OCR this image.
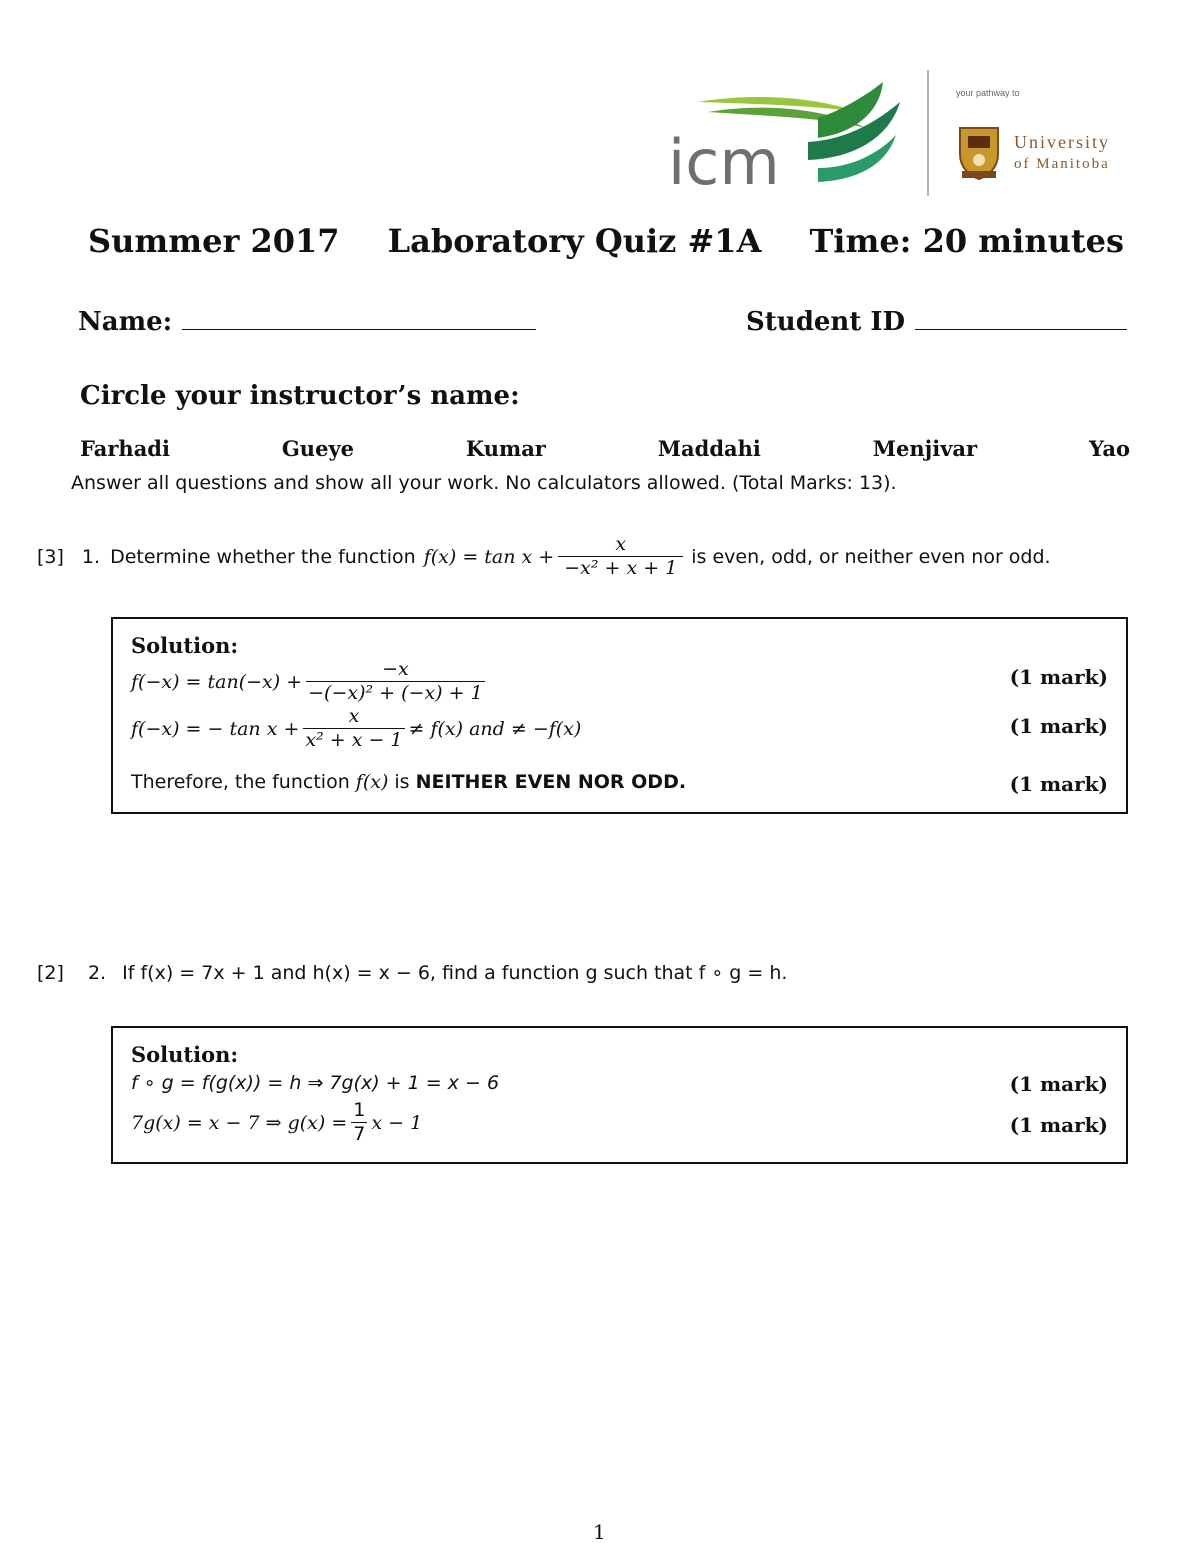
icm
your pathway to
University
of Manitoba
Summer 2017 Laboratory Quiz #1A Time: 20 minutes
Name:	Student ID
Circle your instructor’s name:
Farhadi	Gueye	Kumar	Maddahi	Menjivar	Yao
Answer all questions and show all your work. No calculators allowed. (Total Marks: 13).
[3] 1. Determine whether the function $f(x) = \tan x + \frac{x}{\text{−x² + x + 1}}$ is even, odd, or neither even nor odd.
Solution:
$f(-x) = \tan(-x) + \frac{-x}{\text{−(−x)² + (−x) + 1}}$	(1 mark)
f(−x) = − $\tan x + \frac{x}{\text{x² + x − 1}} \ne f(x)$ and ≠ −f(x)	(1 mark)
Therefore, the function f(x) is NEITHER EVEN NOR ODD.	(1 mark)
[2] 2. If f(x) = 7x + 1 and h(x) = x − 6, find a function g such that f ∘ g = h.
Solution:
f ∘ g = f(g(x)) = h ⇒ 7g(x) + 1 = x − 6	(1 mark)
7g(x) = x − 7 ⇒ $g(x) = \frac{1}{7}$ x − 1	(1 mark)
1
